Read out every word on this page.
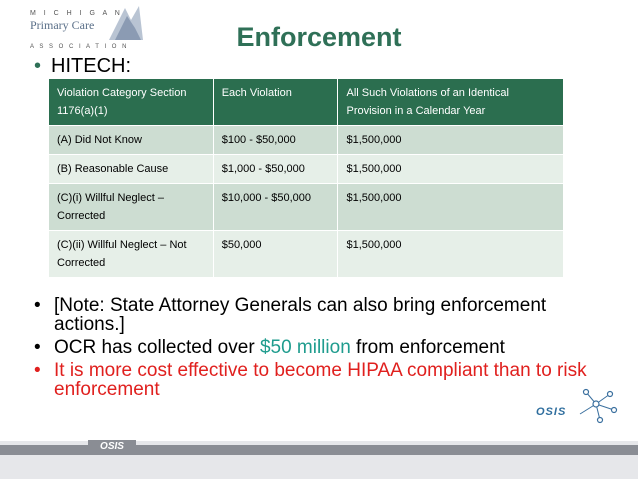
M I C H I G A N
Primary Care
A S S O C I A T I O N	Enforcement
• HITECH:
Violation Category Section 1176(a)(1)	Each Violation	All Such Violations of an Identical Provision in a Calendar Year
(A) Did Not Know	$100 - $50,000	$1,500,000
(B) Reasonable Cause	$1,000 - $50,000	$1,500,000
(C)(i) Willful Neglect – Corrected	$10,000 - $50,000	$1,500,000
(C)(ii) Willful Neglect – Not Corrected	$50,000	$1,500,000
• [Note: State Attorney Generals can also bring enforcement actions.]
• OCR has collected over $50 million from enforcement
• It is more cost effective to become HIPAA compliant than to risk enforcement
OSIS
OSIS
